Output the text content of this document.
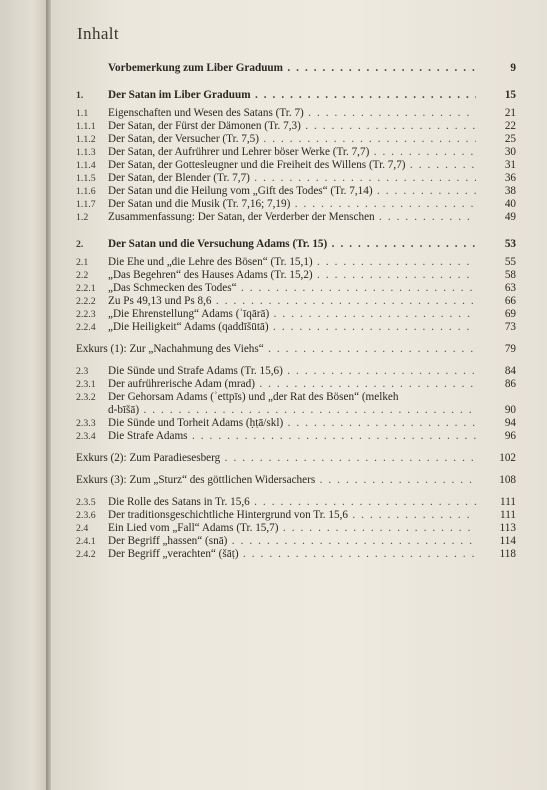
Inhalt
Vorbemerkung zum Liber Graduum . . .	9
1.	Der Satan im Liber Graduum . . .	15
1.1	Eigenschaften und Wesen des Satans (Tr. 7) . . .	21
1.1.1	Der Satan, der Fürst der Dämonen (Tr. 7,3) . . .	22
1.1.2	Der Satan, der Versucher (Tr. 7,5) . . .	25
1.1.3	Der Satan, der Aufrührer und Lehrer böser Werke (Tr. 7,7) . . .	30
1.1.4	Der Satan, der Gottesleugner und die Freiheit des Willens (Tr. 7,7) . . .	31
1.1.5	Der Satan, der Blender (Tr. 7,7) . . .	36
1.1.6	Der Satan und die Heilung vom „Gift des Todes“ (Tr. 7,14) . . .	38
1.1.7	Der Satan und die Musik (Tr. 7,16; 7,19) . . .	40
1.2	Zusammenfassung: Der Satan, der Verderber der Menschen . . .	49
2.	Der Satan und die Versuchung Adams (Tr. 15) . . .	53
2.1	Die Ehe und „die Lehre des Bösen“ (Tr. 15,1) . . .	55
2.2	„Das Begehren“ des Hauses Adams (Tr. 15,2) . . .	58
2.2.1	„Das Schmecken des Todes“ . . .	63
2.2.2	Zu Ps 49,13 und Ps 8,6 . . .	66
2.2.3	„Die Ehrenstellung“ Adams (ʾīqārā) . . .	69
2.2.4	„Die Heiligkeit“ Adams (qaddīšūtā) . . .	73
Exkurs (1): Zur „Nachahmung des Viehs“ . . .	79
2.3	Die Sünde und Strafe Adams (Tr. 15,6) . . .	84
2.3.1	Der aufrührerische Adam (mrad) . . .	86
2.3.2	Der Gehorsam Adams (ʾettpīs) und „der Rat des Bösen“ (melkeh
d-bīšā) . . .	90
2.3.3	Die Sünde und Torheit Adams (ḥṭā/skl) . . .	94
2.3.4	Die Strafe Adams . . .	96
Exkurs (2): Zum Paradiesesberg . . .	102
Exkurs (3): Zum „Sturz“ des göttlichen Widersachers . . .	108
2.3.5	Die Rolle des Satans in Tr. 15,6 . . .	111
2.3.6	Der traditionsgeschichtliche Hintergrund von Tr. 15,6 . . .	111
2.4	Ein Lied vom „Fall“ Adams (Tr. 15,7) . . .	113
2.4.1	Der Begriff „hassen“ (snā) . . .	114
2.4.2	Der Begriff „verachten“ (šāṭ) . . .	118
